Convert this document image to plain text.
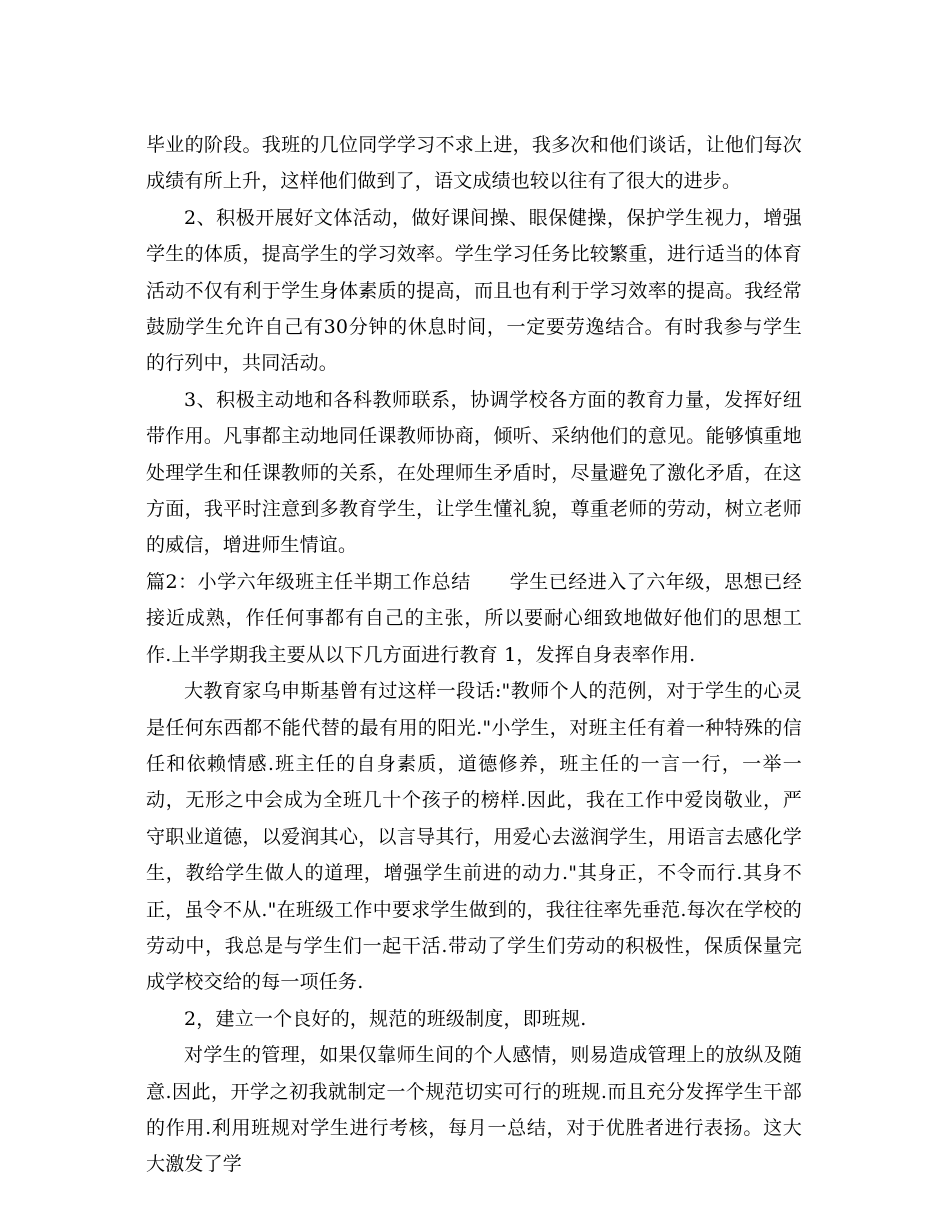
毕业的阶段。我班的几位同学学习不求上进，我多次和他们谈话，让他们每次成绩有所上升，这样他们做到了，语文成绩也较以往有了很大的进步。

2、积极开展好文体活动，做好课间操、眼保健操，保护学生视力，增强学生的体质，提高学生的学习效率。学生学习任务比较繁重，进行适当的体育活动不仅有利于学生身体素质的提高，而且也有利于学习效率的提高。我经常鼓励学生允许自己有30分钟的休息时间，一定要劳逸结合。有时我参与学生的行列中，共同活动。

3、积极主动地和各科教师联系，协调学校各方面的教育力量，发挥好纽带作用。凡事都主动地同任课教师协商，倾听、采纳他们的意见。能够慎重地处理学生和任课教师的关系，在处理师生矛盾时，尽量避免了激化矛盾，在这方面，我平时注意到多教育学生，让学生懂礼貌，尊重老师的劳动，树立老师的威信，增进师生情谊。

篇2：小学六年级班主任半期工作总结　　学生已经进入了六年级，思想已经接近成熟，作任何事都有自己的主张，所以要耐心细致地做好他们的思想工作.上半学期我主要从以下几方面进行教育 1，发挥自身表率作用.

大教育家乌申斯基曾有过这样一段话:"教师个人的范例，对于学生的心灵是任何东西都不能代替的最有用的阳光."小学生，对班主任有着一种特殊的信任和依赖情感.班主任的自身素质，道德修养，班主任的一言一行，一举一动，无形之中会成为全班几十个孩子的榜样.因此，我在工作中爱岗敬业，严守职业道德，以爱润其心，以言导其行，用爱心去滋润学生，用语言去感化学生，教给学生做人的道理，增强学生前进的动力."其身正，不令而行.其身不正，虽令不从."在班级工作中要求学生做到的，我往往率先垂范.每次在学校的劳动中，我总是与学生们一起干活.带动了学生们劳动的积极性，保质保量完成学校交给的每一项任务.

2，建立一个良好的，规范的班级制度，即班规.

对学生的管理，如果仅靠师生间的个人感情，则易造成管理上的放纵及随意.因此，开学之初我就制定一个规范切实可行的班规.而且充分发挥学生干部的作用.利用班规对学生进行考核，每月一总结，对于优胜者进行表扬。这大大激发了学
